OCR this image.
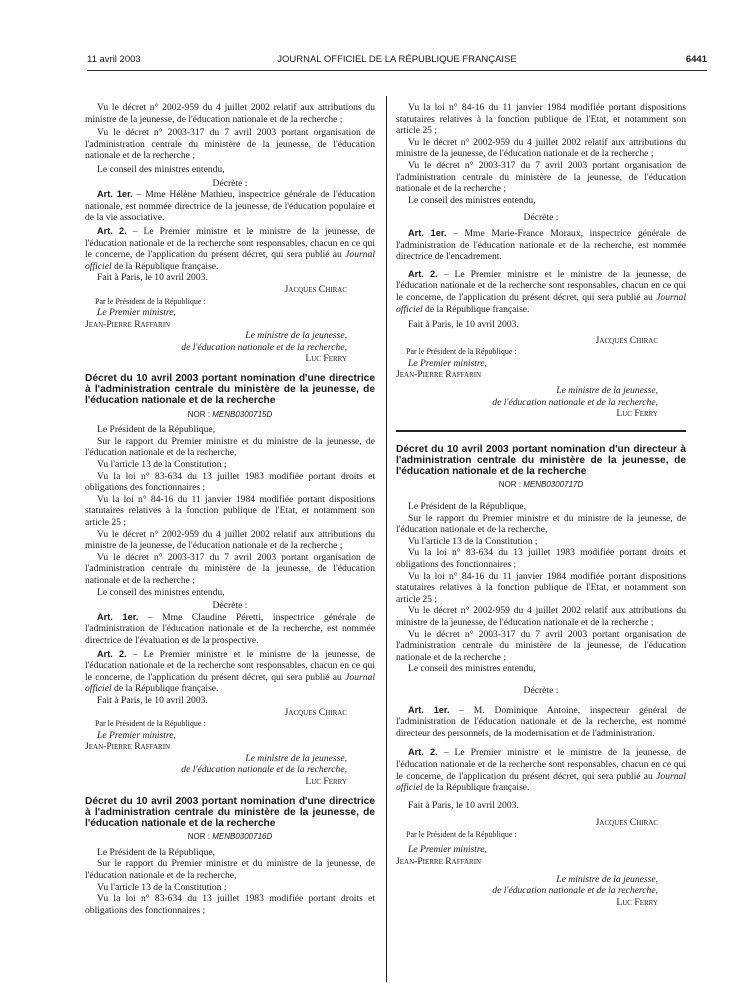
11 avril 2003	JOURNAL OFFICIEL DE LA RÉPUBLIQUE FRANÇAISE	6441

Vu le décret n° 2002-959 du 4 juillet 2002 relatif aux attributions du ministre de la jeunesse, de l'éducation nationale et de la recherche ;

Vu le décret n° 2003-317 du 7 avril 2003 portant organisation de l'administration centrale du ministère de la jeunesse, de l'éducation nationale et de la recherche ;

Le conseil des ministres entendu,

Décrète :

Art. 1er. – Mme Hélène Mathieu, inspectrice générale de l'éducation nationale, est nommée directrice de la jeunesse, de l'éducation populaire et de la vie associative.

Art. 2. – Le Premier ministre et le ministre de la jeunesse, de l'éducation nationale et de la recherche sont responsables, chacun en ce qui le concerne, de l'application du présent décret, qui sera publié au Journal officiel de la République française.

Fait à Paris, le 10 avril 2003.

Jacques Chirac

Par le Président de la République :

Le Premier ministre,

Jean-Pierre Raffarin

Le ministre de la jeunesse,

de l'éducation nationale et de la recherche,

Luc Ferry

Décret du 10 avril 2003 portant nomination d'une directrice à l'administration centrale du ministère de la jeunesse, de l'éducation nationale et de la recherche
NOR : MENB0300715D

Le Président de la République,

Sur le rapport du Premier ministre et du ministre de la jeunesse, de l'éducation nationale et de la recherche,

Vu l'article 13 de la Constitution ;

Vu la loi n° 83-634 du 13 juillet 1983 modifiée portant droits et obligations des fonctionnaires ;

Vu la loi n° 84-16 du 11 janvier 1984 modifiée portant dispositions statutaires relatives à la fonction publique de l'Etat, et notamment son article 25 ;

Vu le décret n° 2002-959 du 4 juillet 2002 relatif aux attributions du ministre de la jeunesse, de l'éducation nationale et de la recherche ;

Vu le décret n° 2003-317 du 7 avril 2003 portant organisation de l'administration centrale du ministère de la jeunesse, de l'éducation nationale et de la recherche ;

Le conseil des ministres entendu,

Décrète :

Art. 1er. – Mme Claudine Péretti, inspectrice générale de l'administration de l'éducation nationale et de la recherche, est nommée directrice de l'évaluation et de la prospective.

Art. 2. – Le Premier ministre et le ministre de la jeunesse, de l'éducation nationale et de la recherche sont responsables, chacun en ce qui le concerne, de l'application du présent décret, qui sera publié au Journal officiel de la République française.

Fait à Paris, le 10 avril 2003.

Jacques Chirac

Par le Président de la République :

Le Premier ministre,

Jean-Pierre Raffarin

Le ministre de la jeunesse,

de l'éducation nationale et de la recherche,

Luc Ferry

Décret du 10 avril 2003 portant nomination d'une directrice à l'administration centrale du ministère de la jeunesse, de l'éducation nationale et de la recherche
NOR : MENB0300716D

Le Président de la République,

Sur le rapport du Premier ministre et du ministre de la jeunesse, de l'éducation nationale et de la recherche,

Vu l'article 13 de la Constitution ;

Vu la loi n° 83-634 du 13 juillet 1983 modifiée portant droits et obligations des fonctionnaires ;

Vu la loi n° 84-16 du 11 janvier 1984 modifiée portant dispositions statutaires relatives à la fonction publique de l'Etat, et notamment son article 25 ;

Vu le décret n° 2002-959 du 4 juillet 2002 relatif aux attributions du ministre de la jeunesse, de l'éducation nationale et de la recherche ;

Vu le décret n° 2003-317 du 7 avril 2003 portant organisation de l'administration centrale du ministère de la jeunesse, de l'éducation nationale et de la recherche ;

Le conseil des ministres entendu,

Décrète :

Art. 1er. – Mme Marie-France Moraux, inspectrice générale de l'administration de l'éducation nationale et de la recherche, est nommée directrice de l'encadrement.

Art. 2. – Le Premier ministre et le ministre de la jeunesse, de l'éducation nationale et de la recherche sont responsables, chacun en ce qui le concerne, de l'application du présent décret, qui sera publié au Journal officiel de la République française.

Fait à Paris, le 10 avril 2003.

Jacques Chirac

Par le Président de la République :

Le Premier ministre,

Jean-Pierre Raffarin

Le ministre de la jeunesse,

de l'éducation nationale et de la recherche,

Luc Ferry

Décret du 10 avril 2003 portant nomination d'un directeur à l'administration centrale du ministère de la jeunesse, de l'éducation nationale et de la recherche
NOR : MENB0300717D

Le Président de la République,

Sur le rapport du Premier ministre et du ministre de la jeunesse, de l'éducation nationale et de la recherche,

Vu l'article 13 de la Constitution ;

Vu la loi n° 83-634 du 13 juillet 1983 modifiée portant droits et obligations des fonctionnaires ;

Vu la loi n° 84-16 du 11 janvier 1984 modifiée portant dispositions statutaires relatives à la fonction publique de l'Etat, et notamment son article 25 ;

Vu le décret n° 2002-959 du 4 juillet 2002 relatif aux attributions du ministre de la jeunesse, de l'éducation nationale et de la recherche ;

Vu le décret n° 2003-317 du 7 avril 2003 portant organisation de l'administration centrale du ministère de la jeunesse, de l'éducation nationale et de la recherche ;

Le conseil des ministres entendu,

Décrète :

Art. 1er. – M. Dominique Antoine, inspecteur général de l'administration de l'éducation nationale et de la recherche, est nommé directeur des personnels, de la modernisation et de l'administration.

Art. 2. – Le Premier ministre et le ministre de la jeunesse, de l'éducation nationale et de la recherche sont responsables, chacun en ce qui le concerne, de l'application du présent décret, qui sera publié au Journal officiel de la République française.

Fait à Paris, le 10 avril 2003.

Jacques Chirac

Par le Président de la République :

Le Premier ministre,

Jean-Pierre Raffarin

Le ministre de la jeunesse,

de l'éducation nationale et de la recherche,

Luc Ferry
